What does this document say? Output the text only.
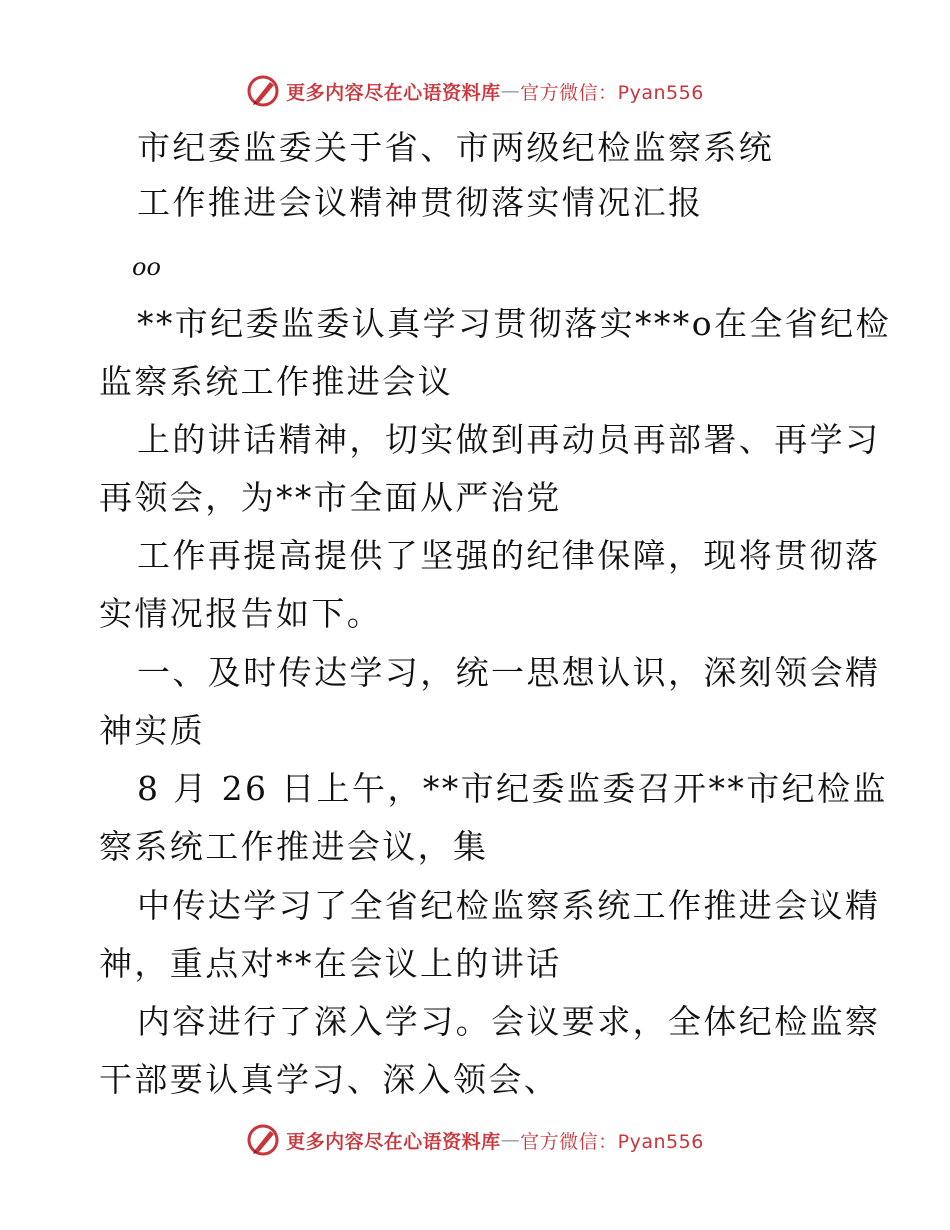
更多内容尽在心语资料库 — 官方微信：Pyan556
市纪委监委关于省、市两级纪检监察系统
工作推进会议精神贯彻落实情况汇报
oo
**市纪委监委认真学习贯彻落实***o在全省纪检
监察系统工作推进会议
上的讲话精神，切实做到再动员再部署、再学习
再领会，为**市全面从严治党
工作再提高提供了坚强的纪律保障，现将贯彻落
实情况报告如下。
一、及时传达学习，统一思想认识，深刻领会精
神实质
8 月 26 日上午，**市纪委监委召开**市纪检监
察系统工作推进会议，集
中传达学习了全省纪检监察系统工作推进会议精
神，重点对**在会议上的讲话
内容进行了深入学习。会议要求，全体纪检监察
干部要认真学习、深入领会、
更多内容尽在心语资料库 — 官方微信：Pyan556
